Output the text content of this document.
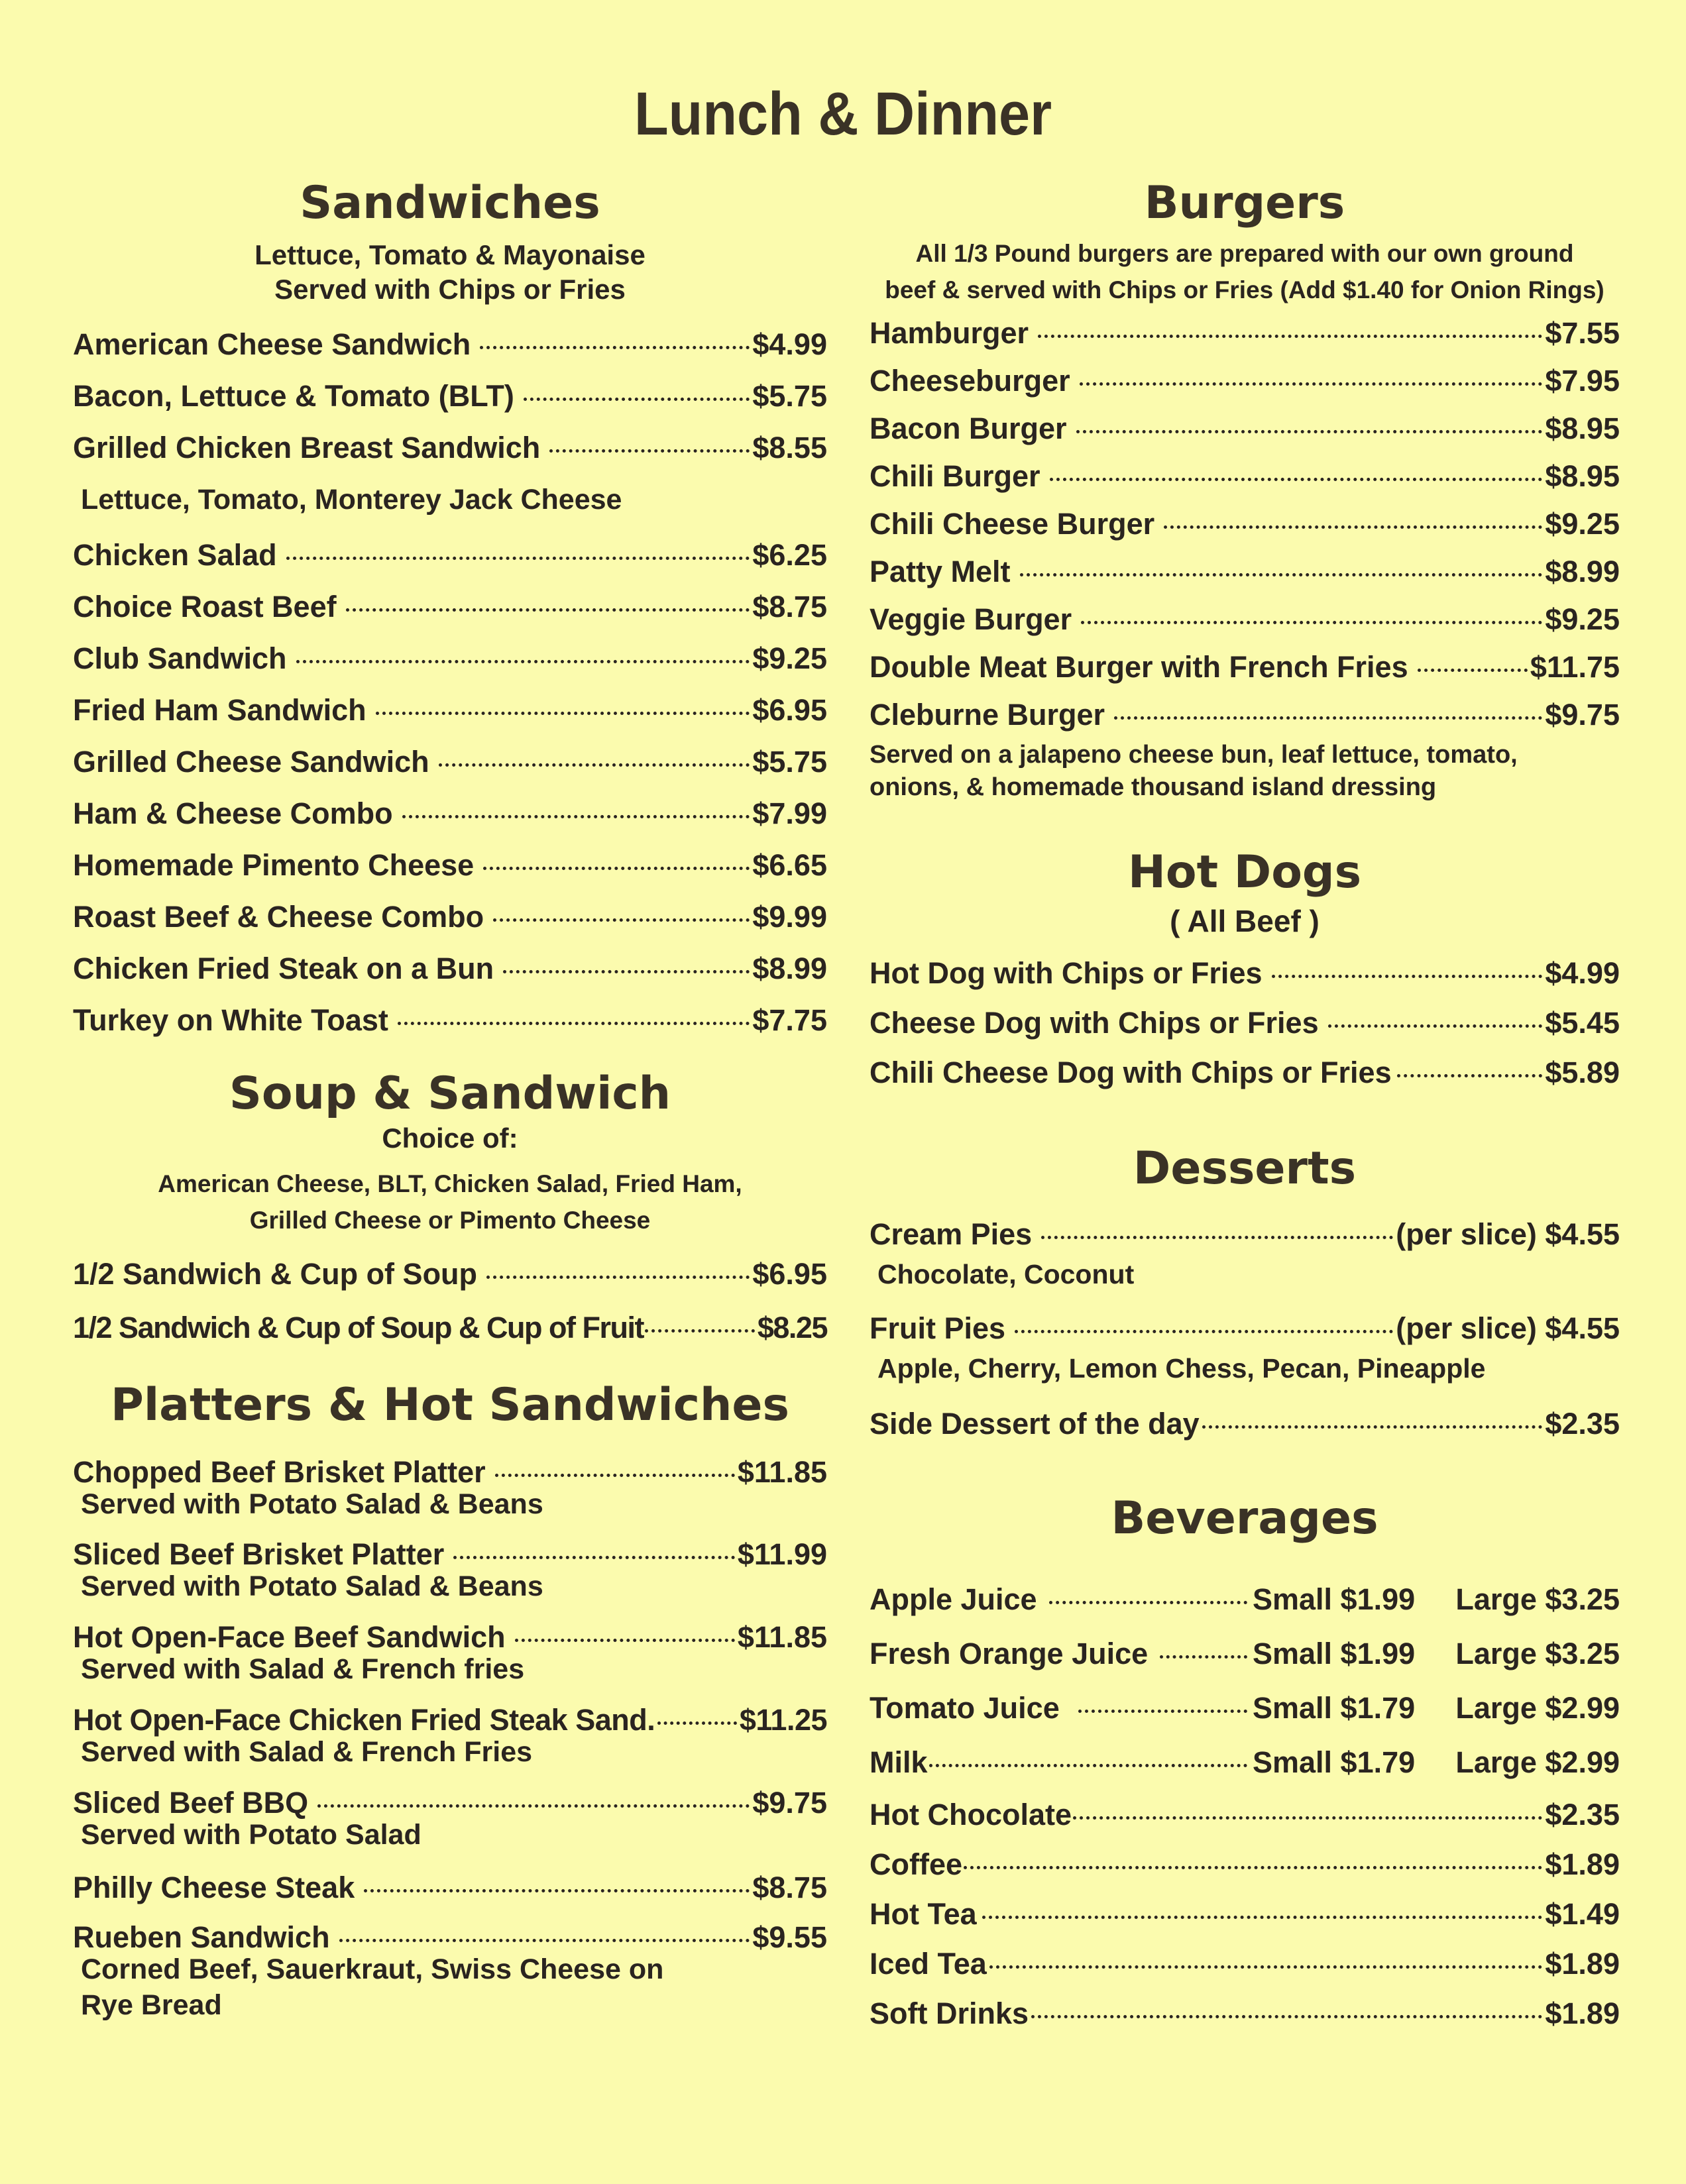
Lunch & Dinner
Sandwiches
Lettuce, Tomato & Mayonaise
Served with Chips or Fries
American Cheese Sandwich	$4.99
Bacon, Lettuce & Tomato (BLT)	$5.75
Grilled Chicken Breast Sandwich	$8.55
Lettuce, Tomato, Monterey Jack Cheese
Chicken Salad	$6.25
Choice Roast Beef	$8.75
Club Sandwich	$9.25
Fried Ham Sandwich	$6.95
Grilled Cheese Sandwich	$5.75
Ham & Cheese Combo	$7.99
Homemade Pimento Cheese	$6.65
Roast Beef & Cheese Combo	$9.99
Chicken Fried Steak on a Bun	$8.99
Turkey on White Toast	$7.75
Soup & Sandwich
Choice of:
American Cheese, BLT, Chicken Salad, Fried Ham,
Grilled Cheese or Pimento Cheese
1/2 Sandwich & Cup of Soup	$6.95
1/2 Sandwich & Cup of Soup & Cup of Fruit	$8.25
Platters & Hot Sandwiches
Chopped Beef Brisket Platter	$11.85
Served with Potato Salad & Beans
Sliced Beef Brisket Platter	$11.99
Served with Potato Salad & Beans
Hot Open-Face Beef Sandwich	$11.85
Served with Salad & French fries
Hot Open-Face Chicken Fried Steak Sand.	$11.25
Served with Salad & French Fries
Sliced Beef BBQ	$9.75
Served with Potato Salad
Philly Cheese Steak	$8.75
Rueben Sandwich	$9.55
Corned Beef, Sauerkraut, Swiss Cheese on
Rye Bread
Burgers
All 1/3 Pound burgers are prepared with our own ground
beef & served with Chips or Fries (Add $1.40 for Onion Rings)
Hamburger	$7.55
Cheeseburger	$7.95
Bacon Burger	$8.95
Chili Burger	$8.95
Chili Cheese Burger	$9.25
Patty Melt	$8.99
Veggie Burger	$9.25
Double Meat Burger with French Fries	$11.75
Cleburne Burger	$9.75
Served on a jalapeno cheese bun, leaf lettuce, tomato,
onions, & homemade thousand island dressing
Hot Dogs
( All Beef )
Hot Dog with Chips or Fries	$4.99
Cheese Dog with Chips or Fries	$5.45
Chili Cheese Dog with Chips or Fries	$5.89
Desserts
Cream Pies	(per slice) $4.55
Chocolate, Coconut
Fruit Pies	(per slice) $4.55
Apple, Cherry, Lemon Chess, Pecan, Pineapple
Side Dessert of the day	$2.35
Beverages
Apple Juice	Small $1.99	Large $3.25
Fresh Orange Juice	Small $1.99	Large $3.25
Tomato Juice	Small $1.79	Large $2.99
Milk	Small $1.79	Large $2.99
Hot Chocolate	$2.35
Coffee	$1.89
Hot Tea	$1.49
Iced Tea	$1.89
Soft Drinks	$1.89
